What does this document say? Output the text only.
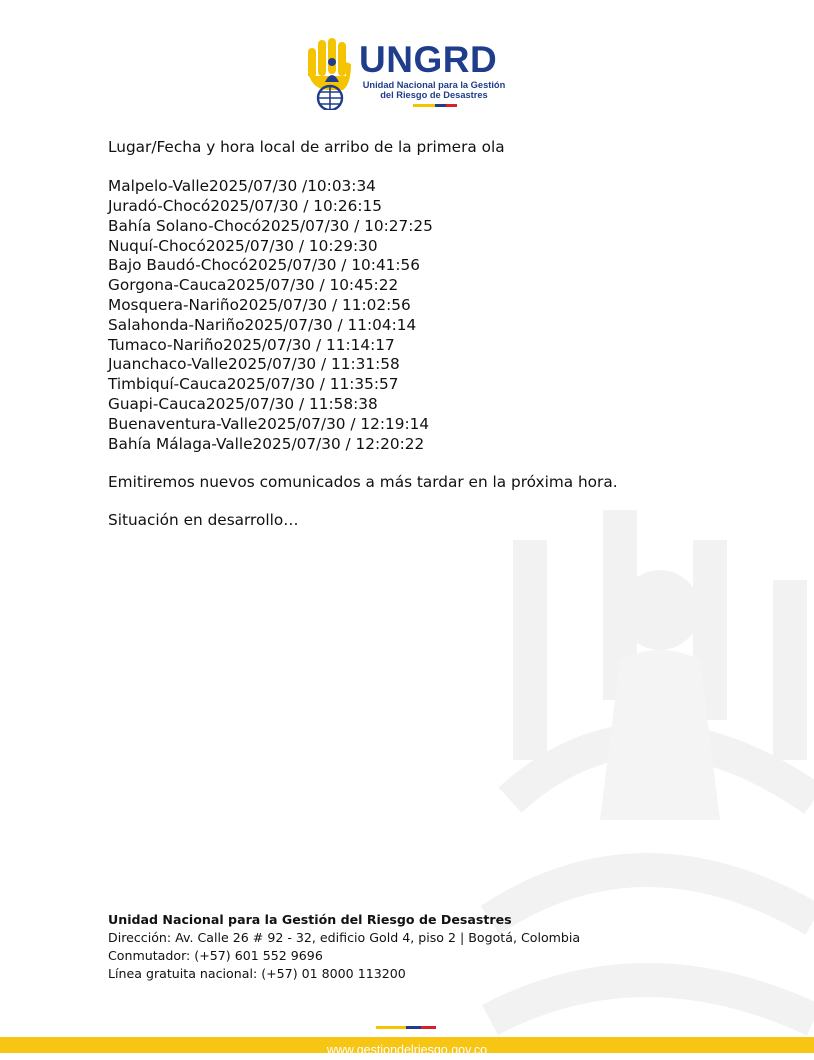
UNGRD
Unidad Nacional para la Gestión
del Riesgo de Desastres

Lugar/Fecha y hora local de arribo de la primera ola

Malpelo-Valle2025/07/30 /10:03:34
Juradó-Chocó2025/07/30 / 10:26:15
Bahía Solano-Chocó2025/07/30 / 10:27:25
Nuquí-Chocó2025/07/30 / 10:29:30
Bajo Baudó-Chocó2025/07/30 / 10:41:56
Gorgona-Cauca2025/07/30 / 10:45:22
Mosquera-Nariño2025/07/30 / 11:02:56
Salahonda-Nariño2025/07/30 / 11:04:14
Tumaco-Nariño2025/07/30 / 11:14:17
Juanchaco-Valle2025/07/30 / 11:31:58
Timbiquí-Cauca2025/07/30 / 11:35:57
Guapi-Cauca2025/07/30 / 11:58:38
Buenaventura-Valle2025/07/30 / 12:19:14
Bahía Málaga-Valle2025/07/30 / 12:20:22

Emitiremos nuevos comunicados a más tardar en la próxima hora.

Situación en desarrollo…

Unidad Nacional para la Gestión del Riesgo de Desastres
Dirección: Av. Calle 26 # 92 - 32, edificio Gold 4, piso 2 | Bogotá, Colombia
Conmutador: (+57) 601 552 9696
Línea gratuita nacional: (+57) 01 8000 113200
www.gestiondelriesgo.gov.co
